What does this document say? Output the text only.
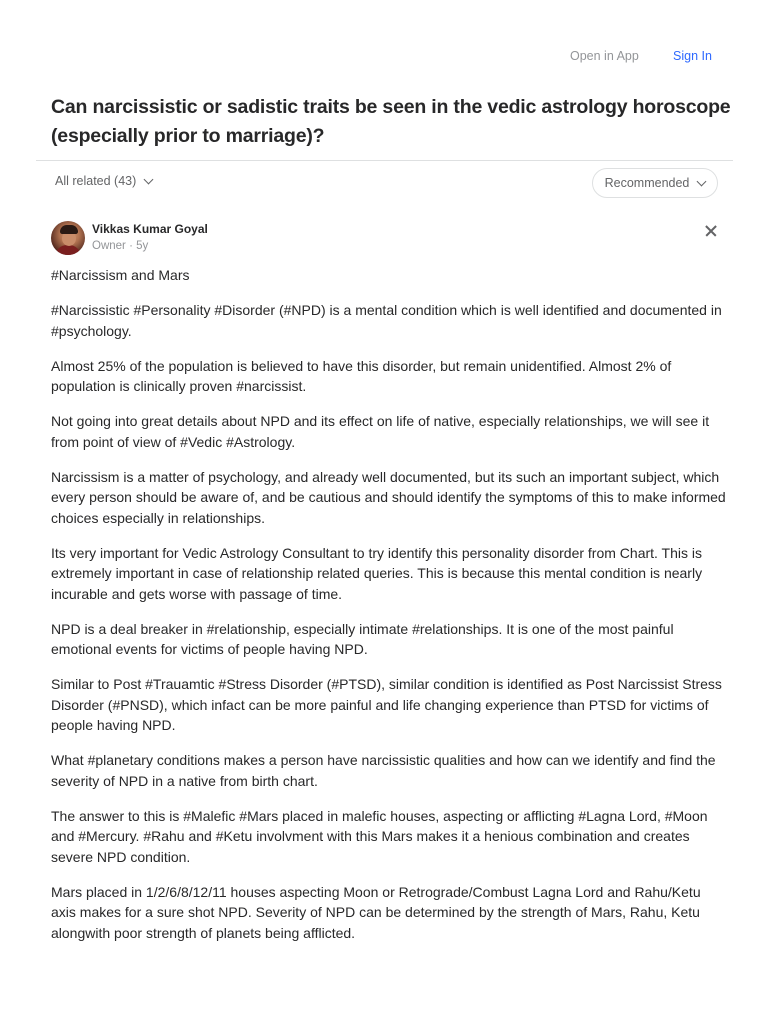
Open in App	Sign In
Can narcissistic or sadistic traits be seen in the vedic astrology horoscope (especially prior to marriage)?
All related (43)	Recommended
Vikkas Kumar Goyal
Owner · 5y

#Narcissism and Mars

#Narcissistic #Personality #Disorder (#NPD) is a mental condition which is well identified and documented in #psychology.

Almost 25% of the population is believed to have this disorder, but remain unidentified. Almost 2% of population is clinically proven #narcissist.

Not going into great details about NPD and its effect on life of native, especially relationships, we will see it from point of view of #Vedic #Astrology.

Narcissism is a matter of psychology, and already well documented, but its such an important subject, which every person should be aware of, and be cautious and should identify the symptoms of this to make informed choices especially in relationships.

Its very important for Vedic Astrology Consultant to try identify this personality disorder from Chart. This is extremely important in case of relationship related queries. This is because this mental condition is nearly incurable and gets worse with passage of time.

NPD is a deal breaker in #relationship, especially intimate #relationships. It is one of the most painful emotional events for victims of people having NPD.

Similar to Post #Trauamtic #Stress Disorder (#PTSD), similar condition is identified as Post Narcissist Stress Disorder (#PNSD), which infact can be more painful and life changing experience than PTSD for victims of people having NPD.

What #planetary conditions makes a person have narcissistic qualities and how can we identify and find the severity of NPD in a native from birth chart.

The answer to this is #Malefic #Mars placed in malefic houses, aspecting or afflicting #Lagna Lord, #Moon and #Mercury. #Rahu and #Ketu involvment with this Mars makes it a henious combination and creates severe NPD condition.

Mars placed in 1/2/6/8/12/11 houses aspecting Moon or Retrograde/Combust Lagna Lord and Rahu/Ketu axis makes for a sure shot NPD. Severity of NPD can be determined by the strength of Mars, Rahu, Ketu alongwith poor strength of planets being afflicted.
